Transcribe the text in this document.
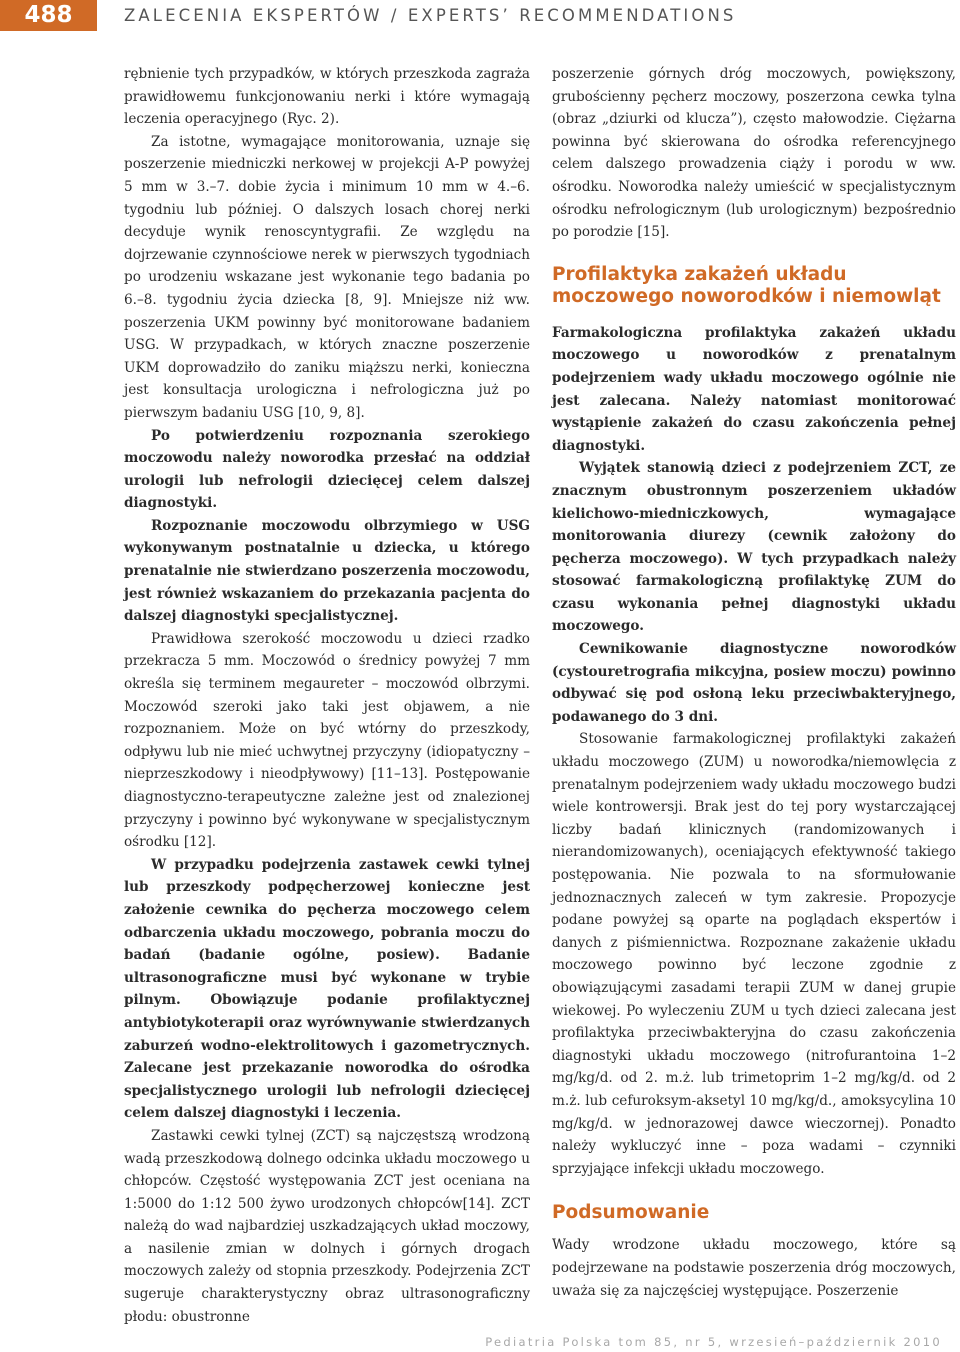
488	ZALECENIA EKSPERTÓW / EXPERTS’ RECOMMENDATIONS

rębnienie tych przypadków, w których przeszkoda zagraża prawidłowemu funkcjonowaniu nerki i które wymagają leczenia operacyjnego (Ryc. 2).

Za istotne, wymagające monitorowania, uznaje się poszerzenie miedniczki nerkowej w projekcji A-P powyżej 5 mm w 3.–7. dobie życia i minimum 10 mm w 4.–6. tygodniu lub później. O dalszych losach chorej nerki decyduje wynik renoscyntygrafii. Ze względu na dojrzewanie czynnościowe nerek w pierwszych tygodniach po urodzeniu wskazane jest wykonanie tego badania po 6.–8. tygodniu życia dziecka [8, 9]. Mniejsze niż ww. poszerzenia UKM powinny być monitorowane badaniem USG. W przypadkach, w których znaczne poszerzenie UKM doprowadziło do zaniku miąższu nerki, konieczna jest konsultacja urologiczna i nefrologiczna już po pierwszym badaniu USG [10, 9, 8].

Po potwierdzeniu rozpoznania szerokiego moczowodu należy noworodka przesłać na oddział urologii lub nefrologii dziecięcej celem dalszej diagnostyki.

Rozpoznanie moczowodu olbrzymiego w USG wykonywanym postnatalnie u dziecka, u którego prenatalnie nie stwierdzano poszerzenia moczowodu, jest również wskazaniem do przekazania pacjenta do dalszej diagnostyki specjalistycznej.

Prawidłowa szerokość moczowodu u dzieci rzadko przekracza 5 mm. Moczowód o średnicy powyżej 7 mm określa się terminem megaureter – moczowód olbrzymi. Moczowód szeroki jako taki jest objawem, a nie rozpoznaniem. Może on być wtórny do przeszkody, odpływu lub nie mieć uchwytnej przyczyny (idiopatyczny – nieprzeszkodowy i nieodpływowy) [11–13]. Postępowanie diagnostyczno-terapeutyczne zależne jest od znalezionej przyczyny i powinno być wykonywane w specjalistycznym ośrodku [12].

W przypadku podejrzenia zastawek cewki tylnej lub przeszkody podpęcherzowej konieczne jest założenie cewnika do pęcherza moczowego celem odbarczenia układu moczowego, pobrania moczu do badań (badanie ogólne, posiew). Badanie ultrasonograficzne musi być wykonane w trybie pilnym. Obowiązuje podanie profilaktycznej antybiotykoterapii oraz wyrównywanie stwierdzanych zaburzeń wodno-elektrolitowych i gazometrycznych. Zalecane jest przekazanie noworodka do ośrodka specjalistycznego urologii lub nefrologii dziecięcej celem dalszej diagnostyki i leczenia.

Zastawki cewki tylnej (ZCT) są najczęstszą wrodzoną wadą przeszkodową dolnego odcinka układu moczowego u chłopców. Częstość występowania ZCT jest oceniana na 1:5000 do 1:12 500 żywo urodzonych chłopców[14]. ZCT należą do wad najbardziej uszkadzających układ moczowy, a nasilenie zmian w dolnych i górnych drogach moczowych zależy od stopnia przeszkody. Podejrzenia ZCT sugeruje charakterystyczny obraz ultrasonograficzny płodu: obustronne

poszerzenie górnych dróg moczowych, powiększony, grubościenny pęcherz moczowy, poszerzona cewka tylna (obraz „dziurki od klucza”), często małowodzie. Ciężarna powinna być skierowana do ośrodka referencyjnego celem dalszego prowadzenia ciąży i porodu w ww. ośrodku. Noworodka należy umieścić w specjalistycznym ośrodku nefrologicznym (lub urologicznym) bezpośrednio po porodzie [15].

Profilaktyka zakażeń układu moczowego noworodków i niemowląt

Farmakologiczna profilaktyka zakażeń układu moczowego u noworodków z prenatalnym podejrzeniem wady układu moczowego ogólnie nie jest zalecana. Należy natomiast monitorować wystąpienie zakażeń do czasu zakończenia pełnej diagnostyki.

Wyjątek stanowią dzieci z podejrzeniem ZCT, ze znacznym obustronnym poszerzeniem układów kielichowo-miedniczkowych, wymagające monitorowania diurezy (cewnik założony do pęcherza moczowego). W tych przypadkach należy stosować farmakologiczną profilaktykę ZUM do czasu wykonania pełnej diagnostyki układu moczowego.

Cewnikowanie diagnostyczne noworodków (cystouretrografia mikcyjna, posiew moczu) powinno odbywać się pod osłoną leku przeciwbakteryjnego, podawanego do 3 dni.

Stosowanie farmakologicznej profilaktyki zakażeń układu moczowego (ZUM) u noworodka/niemowlęcia z prenatalnym podejrzeniem wady układu moczowego budzi wiele kontrowersji. Brak jest do tej pory wystarczającej liczby badań klinicznych (randomizowanych i nierandomizowanych), oceniających efektywność takiego postępowania. Nie pozwala to na sformułowanie jednoznacznych zaleceń w tym zakresie. Propozycje podane powyżej są oparte na poglądach ekspertów i danych z piśmiennictwa. Rozpoznane zakażenie układu moczowego powinno być leczone zgodnie z obowiązującymi zasadami terapii ZUM w danej grupie wiekowej. Po wyleczeniu ZUM u tych dzieci zalecana jest profilaktyka przeciwbakteryjna do czasu zakończenia diagnostyki układu moczowego (nitrofurantoina 1–2 mg/kg/d. od 2. m.ż. lub trimetoprim 1–2 mg/kg/d. od 2 m.ż. lub cefuroksym-aksetyl 10 mg/kg/d., amoksycylina 10 mg/kg/d. w jednorazowej dawce wieczornej). Ponadto należy wykluczyć inne – poza wadami – czynniki sprzyjające infekcji układu moczowego.

Podsumowanie

Wady wrodzone układu moczowego, które są podejrzewane na podstawie poszerzenia dróg moczowych, uważa się za najczęściej występujące. Poszerzenie

Pediatria Polska tom 85, nr 5, wrzesień–październik 2010
